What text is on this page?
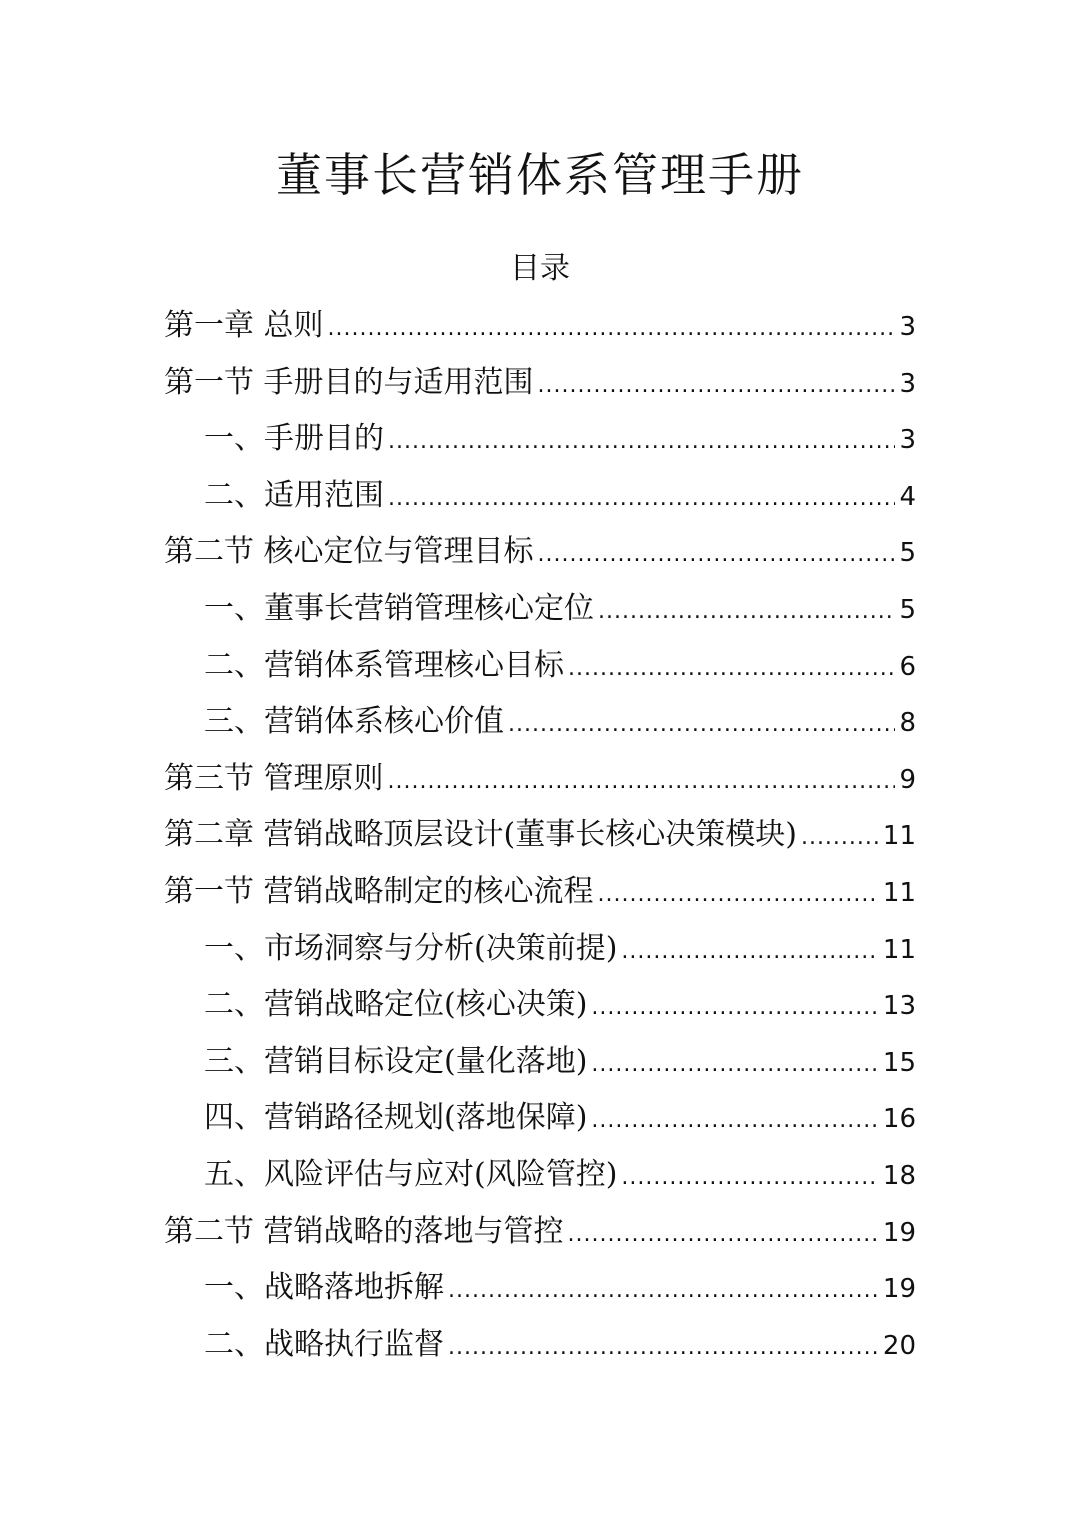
董事长营销体系管理手册
目录
第一章 总则 .....	3
第一节 手册目的与适用范围 .....	3
一、手册目的 .....	3
二、适用范围 .....	4
第二节 核心定位与管理目标 .....	5
一、董事长营销管理核心定位 .....	5
二、营销体系管理核心目标 .....	6
三、营销体系核心价值 .....	8
第三节 管理原则 .....	9
第二章 营销战略顶层设计(董事长核心决策模块) .....	11
第一节 营销战略制定的核心流程 .....	11
一、市场洞察与分析(决策前提) .....	11
二、营销战略定位(核心决策) .....	13
三、营销目标设定(量化落地) .....	15
四、营销路径规划(落地保障) .....	16
五、风险评估与应对(风险管控) .....	18
第二节 营销战略的落地与管控 .....	19
一、战略落地拆解 .....	19
二、战略执行监督 .....	20
